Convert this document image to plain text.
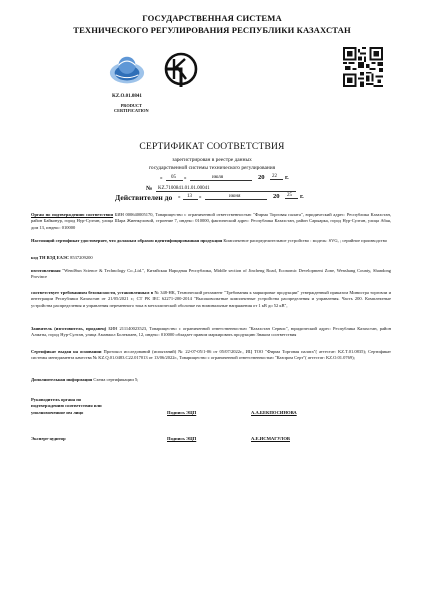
ГОСУДАРСТВЕННАЯ СИСТЕМА
ТЕХНИЧЕСКОГО РЕГУЛИРОВАНИЯ РЕСПУБЛИКИ КАЗАХСТАН
KZ.O.01.0841
PRODUCT
CERTIFICATION
СЕРТИФИКАТ СООТВЕТСТВИЯ
зарегистрирован в реестре данных
государственной системы технического регулирования
« 05 »	июля	20 22 г.
№ KZ.7100841.01.01.00041
Действителен до « 13 »	июня	20 25 г.
Орган по подтверждению соответствия БИН 000640005170, Товарищество с ограниченной ответственностью "Фирма Торговая палата", юридический адрес: Республика Казахстан, район Байконур, город Нур-Султан, улица Шара Жиенкуловой, строение 7, индекс: 010000, фактический адрес: Республика Казахстан, район Сарыарка, город Нур-Султан, улица Абая, дом 13, индекс: 010000
Настоящий сертификат удостоверяет, что должным образом идентифицированная продукция Комплектное распределительное устройство : модель: SVG, ; серийное производство
код ТН ВЭД ЕАЭС 8537209200
изготовленная "WendSun Science & Technology Co.,Ltd.", Китайская Народная Республика, Middle section of Jincheng Road, Economic Development Zone, Wenshang County, Shandong Province
соответствует требованиям безопасности, установленным в № 348-НК, Технический регламент "Требования к маркировке продукции" утвержденный приказом Министра торговли и интеграции Республики Казахстан от 21/05/2021 г.; СТ РК IEC 62271-200-2014 "Высоковольтные комплектные устройства распределения и управления. Часть 200. Комплектные устройства распределения и управления переменного тока в металлической оболочке на номинальные напряжения от 1 кВ до 52 кВ",
Заявитель (изготовитель, продавец) БИН 211140023523, Товарищество с ограниченной ответственностью "Казахстан Сервис", юридический адрес: Республика Казахстан, район Алматы, город Нур-Султан, улица Аманжол Болекпаев, 12, индекс: 010000 обладает правом маркировать продукцию Знаком соответствия
Сертификат выдан на основании Протокол исследований (испытаний) № 22-07-05/1-06 от 05/07/2022г., ИЦ ТОО "Фирма Торговая палата"( аттестат: KZ.T.01.0835); Сертификат системы менеджмента качества № KZ.Q.01.0483.C22.017013 от 13/06/2022г., Товарищество с ограниченной ответственностью "Казпром Серт"( аттестат: KZ.O.01.0769);
Дополнительная информация Схема сертификации 5;
Руководитель органа по
подтверждению соответствия или
уполномоченное им лицо	Подпись ЭЦП	А.А.БЕКПОСИНОВА
Эксперт-аудитор	Подпись ЭЦП	А.Е.ИСМАГУЛОВ
